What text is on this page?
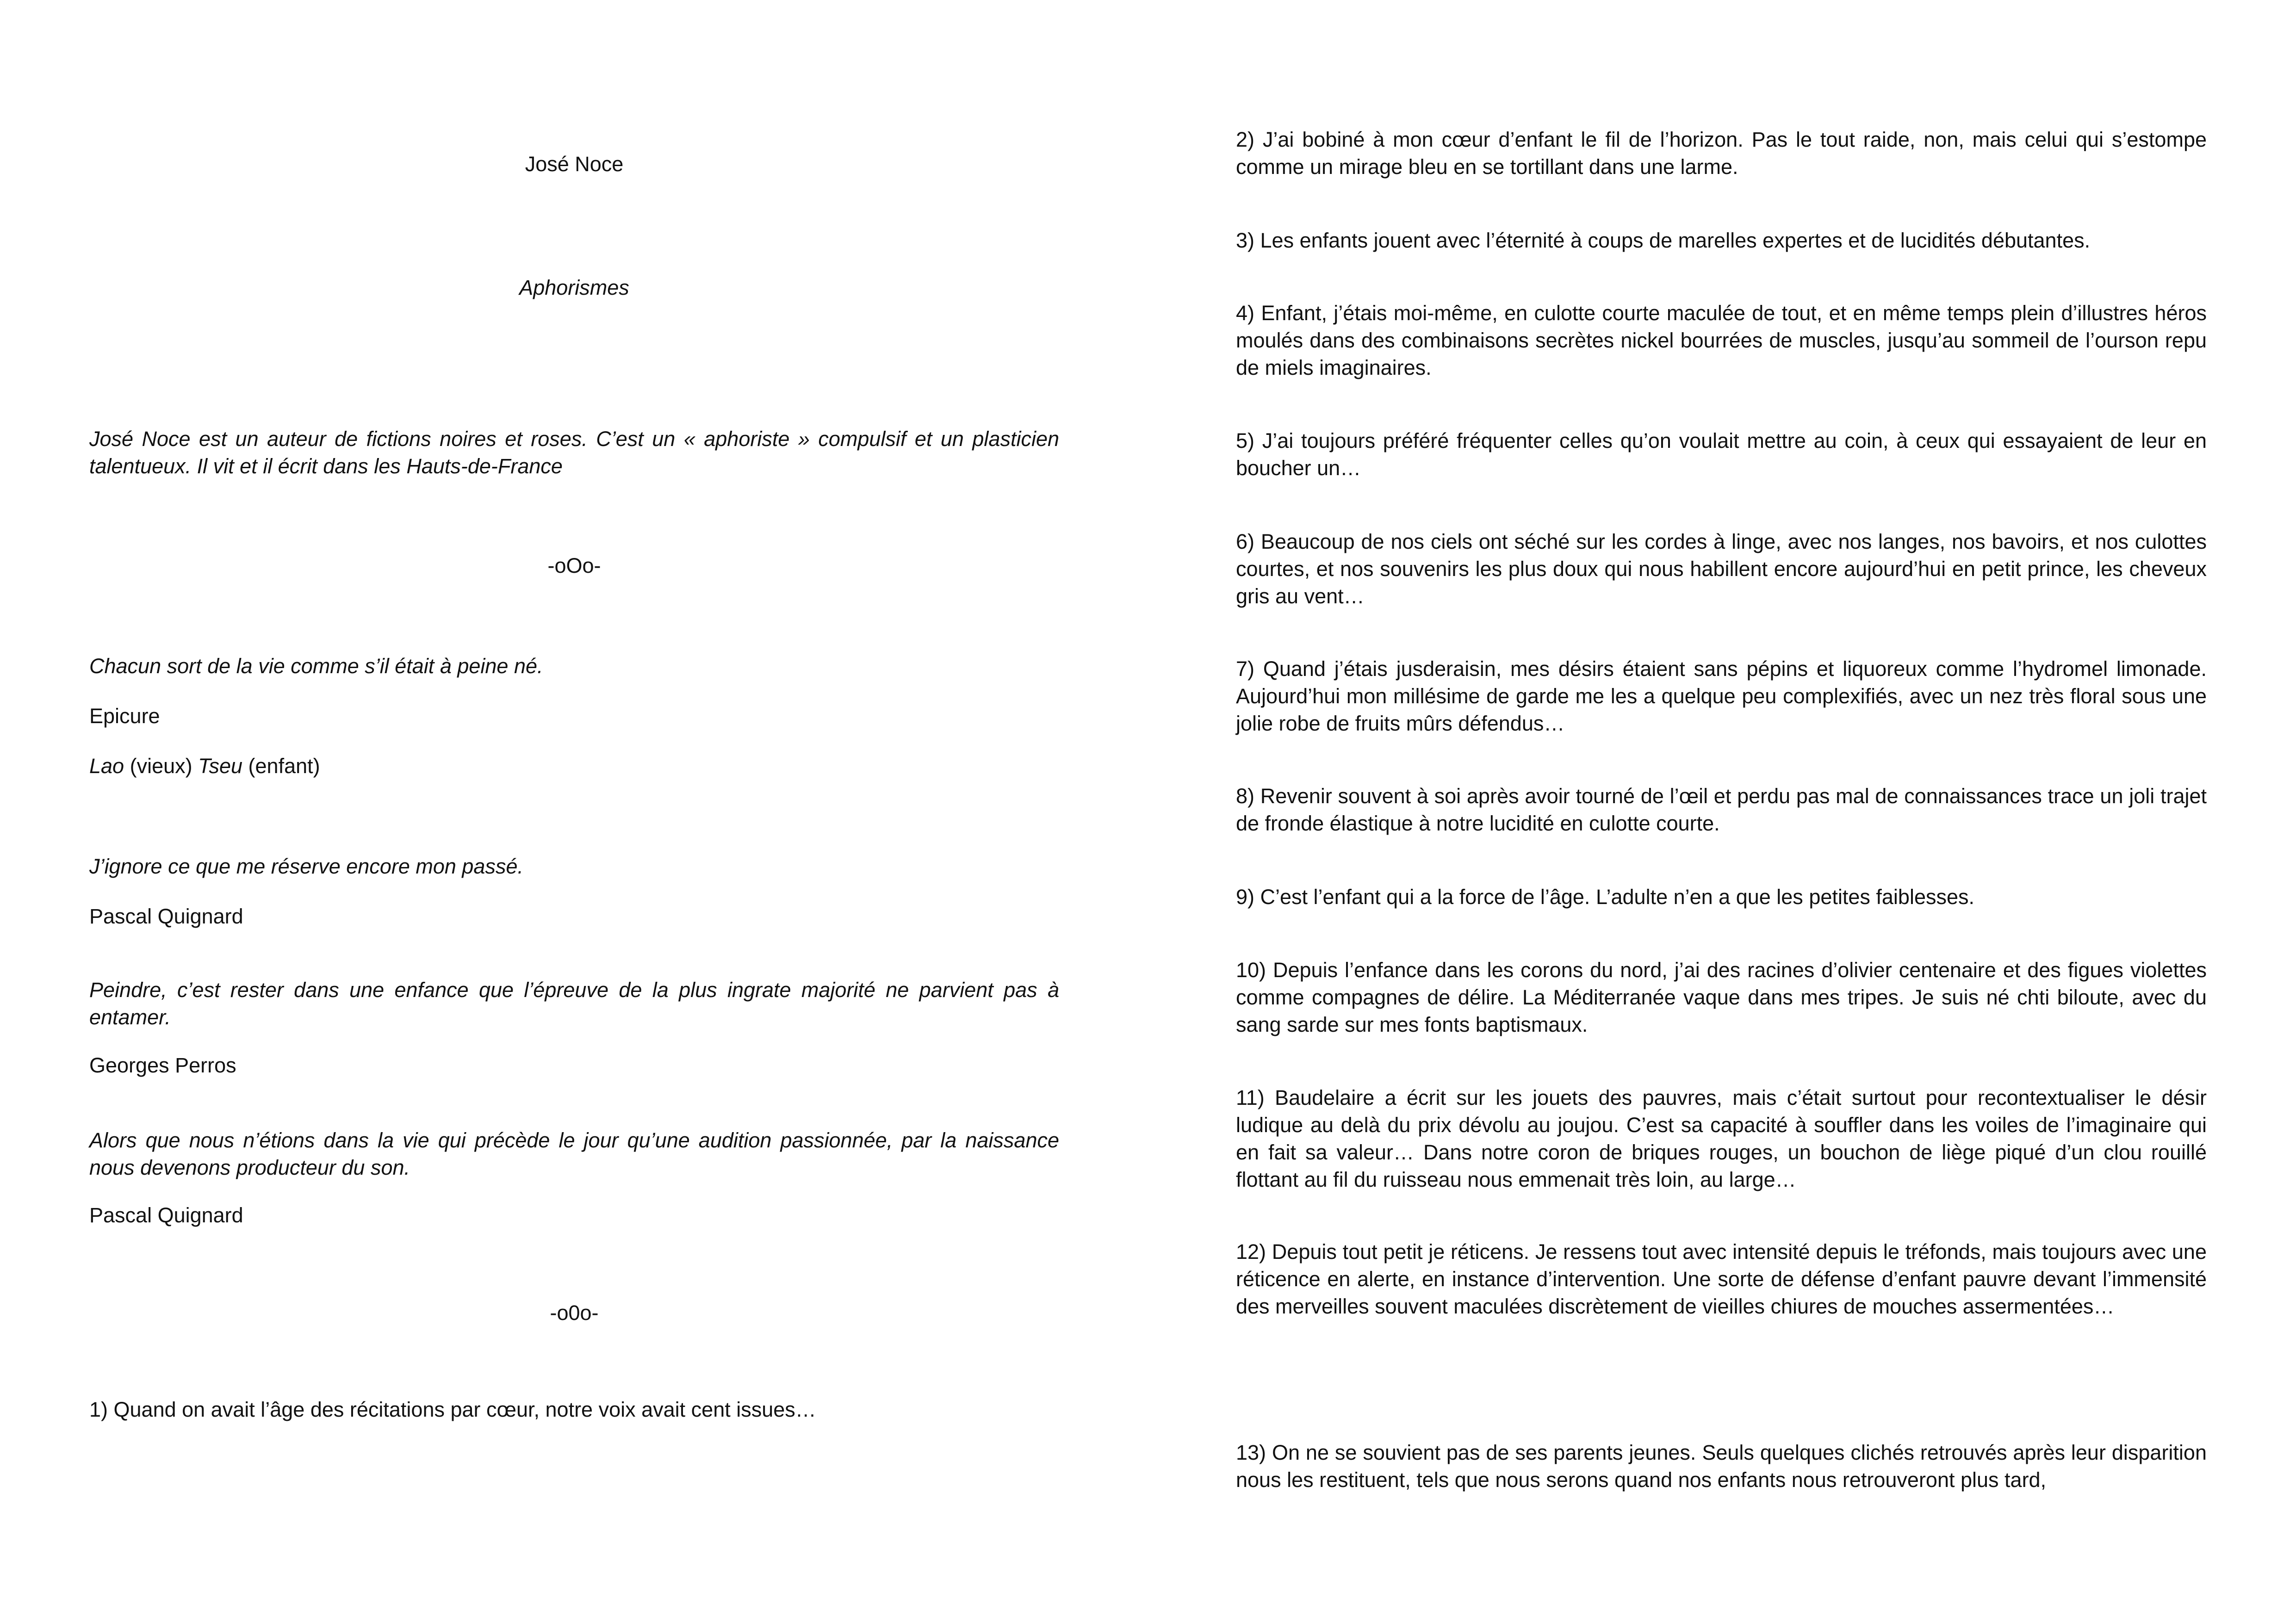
José Noce

Aphorismes

José Noce est un auteur de fictions noires et roses. C’est un « aphoriste » compulsif et un plasticien talentueux. Il vit et il écrit dans les Hauts-de-France

-oOo-

Chacun sort de la vie comme s’il était à peine né.

Epicure

Lao (vieux) Tseu (enfant)

J’ignore ce que me réserve encore mon passé.

Pascal Quignard

Peindre, c’est rester dans une enfance que l’épreuve de la plus ingrate majorité ne parvient pas à entamer.

Georges Perros

Alors que nous n’étions dans la vie qui précède le jour qu’une audition passionnée, par la naissance nous devenons producteur du son.

Pascal Quignard

-o0o-

1) Quand on avait l’âge des récitations par cœur, notre voix avait cent issues…

2) J’ai bobiné à mon cœur d’enfant le fil de l’horizon. Pas le tout raide, non, mais celui qui s’estompe comme un mirage bleu en se tortillant dans une larme.

3) Les enfants jouent avec l’éternité à coups de marelles expertes et de lucidités débutantes.

4) Enfant, j’étais moi-même, en culotte courte maculée de tout, et en même temps plein d’illustres héros moulés dans des combinaisons secrètes nickel bourrées de muscles, jusqu’au sommeil de l’ourson repu de miels imaginaires.

5) J’ai toujours préféré fréquenter celles qu’on voulait mettre au coin, à ceux qui essayaient de leur en boucher un…

6) Beaucoup de nos ciels ont séché sur les cordes à linge, avec nos langes, nos bavoirs, et nos culottes courtes, et nos souvenirs les plus doux qui nous habillent encore aujourd’hui en petit prince, les cheveux gris au vent…

7) Quand j’étais jusderaisin, mes désirs étaient sans pépins et liquoreux comme l’hydromel limonade. Aujourd’hui mon millésime de garde me les a quelque peu complexifiés, avec un nez très floral sous une jolie robe de fruits mûrs défendus…

8) Revenir souvent à soi après avoir tourné de l’œil et perdu pas mal de connaissances trace un joli trajet de fronde élastique à notre lucidité en culotte courte.

9) C’est l’enfant qui a la force de l’âge. L’adulte n’en a que les petites faiblesses.

10) Depuis l’enfance dans les corons du nord, j’ai des racines d’olivier centenaire et des figues violettes comme compagnes de délire. La Méditerranée vaque dans mes tripes. Je suis né chti biloute, avec du sang sarde sur mes fonts baptismaux.

11) Baudelaire a écrit sur les jouets des pauvres, mais c’était surtout pour recontextualiser le désir ludique au delà du prix dévolu au joujou. C’est sa capacité à souffler dans les voiles de l’imaginaire qui en fait sa valeur… Dans notre coron de briques rouges, un bouchon de liège piqué d’un clou rouillé flottant au fil du ruisseau nous emmenait très loin, au large…

12) Depuis tout petit je réticens. Je ressens tout avec intensité depuis le tréfonds, mais toujours avec une réticence en alerte, en instance d’intervention. Une sorte de défense d’enfant pauvre devant l’immensité des merveilles souvent maculées discrètement de vieilles chiures de mouches assermentées…

13) On ne se souvient pas de ses parents jeunes. Seuls quelques clichés retrouvés après leur disparition nous les restituent, tels que nous serons quand nos enfants nous retrouveront plus tard,
